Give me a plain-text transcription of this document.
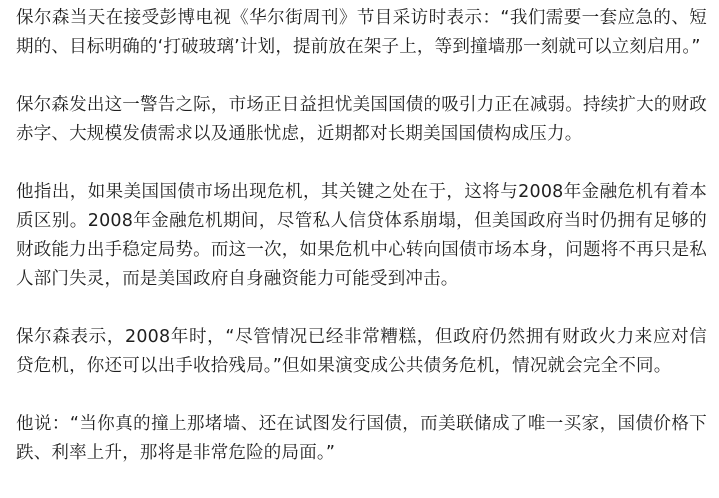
保尔森当天在接受彭博电视《华尔街周刊》节目采访时表示：“我们需要一套应急的、短期的、目标明确的‘打破玻璃’计划，提前放在架子上，等到撞墙那一刻就可以立刻启用。”

保尔森发出这一警告之际，市场正日益担忧美国国债的吸引力正在减弱。持续扩大的财政赤字、大规模发债需求以及通胀忧虑，近期都对长期美国国债构成压力。

他指出，如果美国国债市场出现危机，其关键之处在于，这将与2008年金融危机有着本质区别。2008年金融危机期间，尽管私人信贷体系崩塌，但美国政府当时仍拥有足够的财政能力出手稳定局势。而这一次，如果危机中心转向国债市场本身，问题将不再只是私人部门失灵，而是美国政府自身融资能力可能受到冲击。

保尔森表示，2008年时，“尽管情况已经非常糟糕，但政府仍然拥有财政火力来应对信贷危机，你还可以出手收拾残局。”但如果演变成公共债务危机，情况就会完全不同。

他说：“当你真的撞上那堵墙、还在试图发行国债，而美联储成了唯一买家，国债价格下跌、利率上升，那将是非常危险的局面。”
